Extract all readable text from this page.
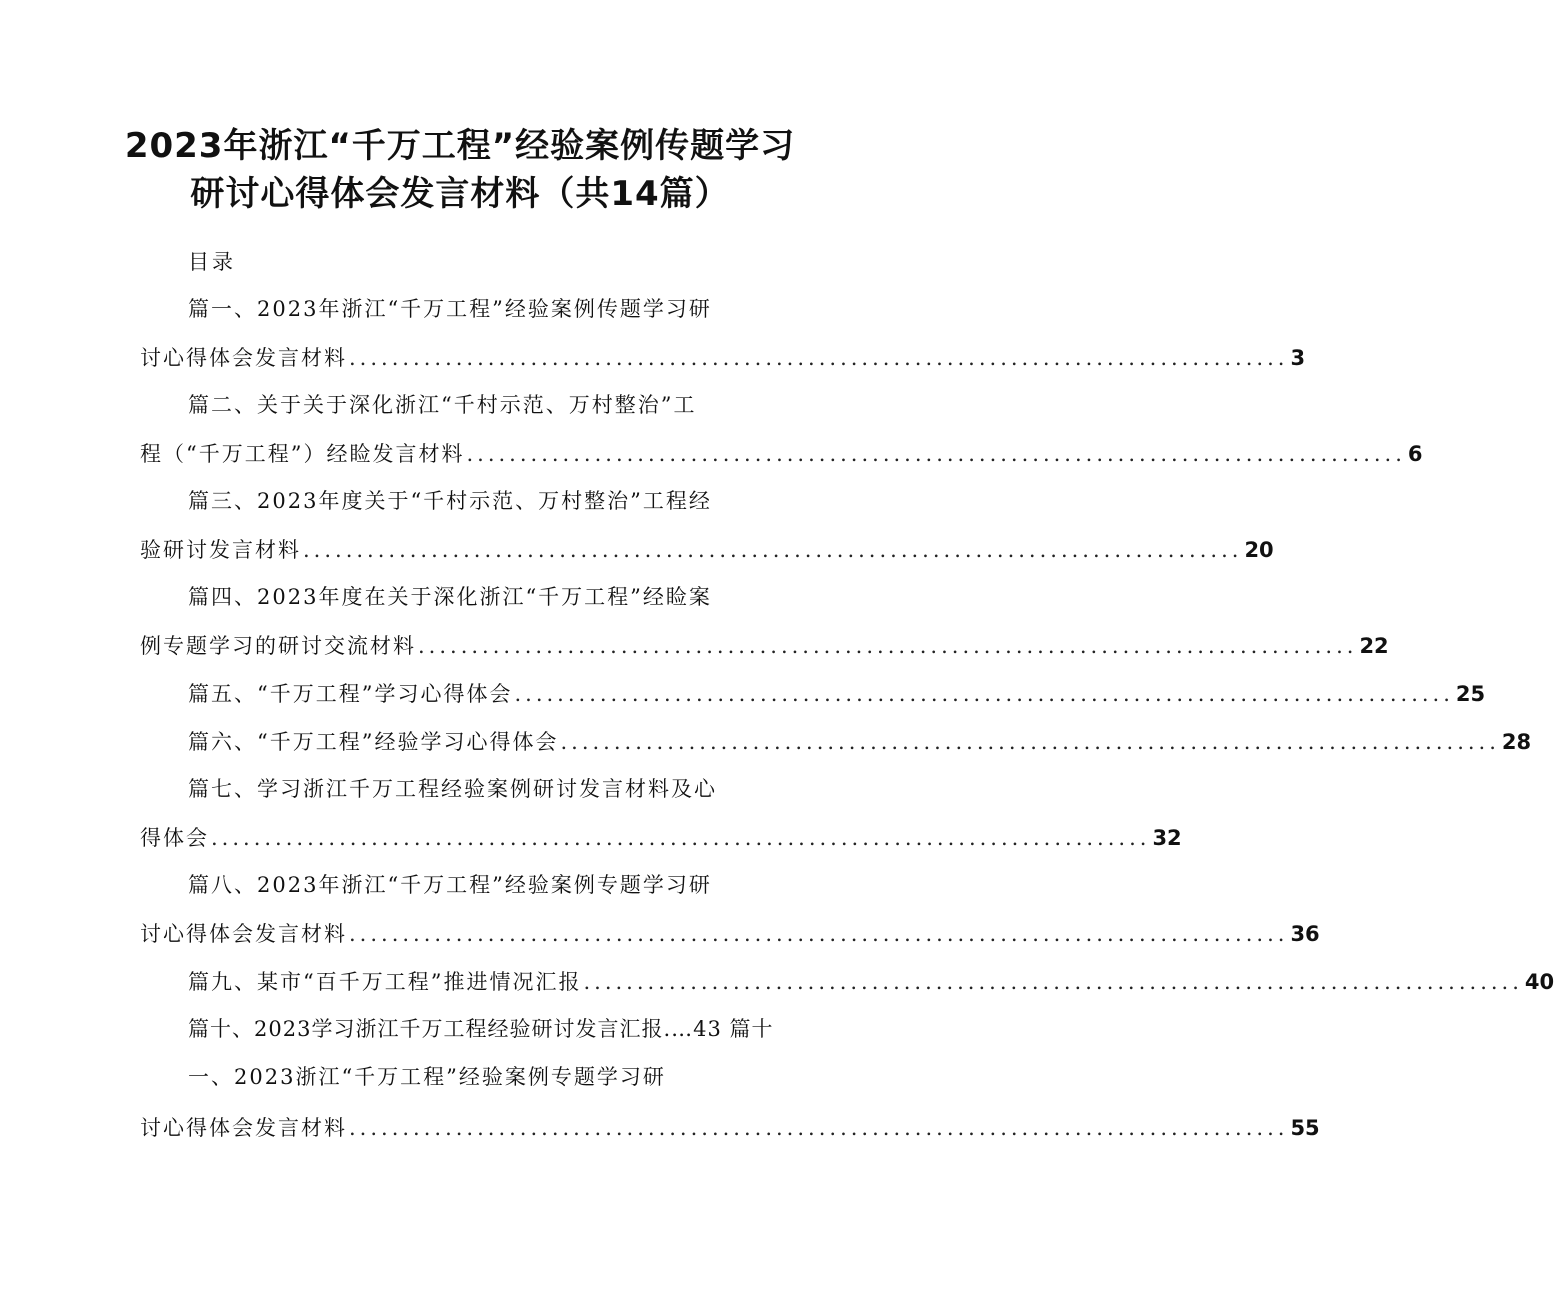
2023年浙江“千万工程”经验案例传题学习
研讨心得体会发言材料（共14篇）
目录
篇一、2023年浙江“千万工程”经验案例传题学习研
讨心得体会发言材料 ........................................................................................ 3
篇二、关于关于深化浙江“千村示范、万村整治”工
程（“千万工程”）经睑发言材料 ........................................................................................ 6
篇三、2023年度关于“千村示范、万村整治”工程经
验研讨发言材料 ........................................................................................ 20
篇四、2023年度在关于深化浙江“千万工程”经睑案
例专题学习的研讨交流材料 ........................................................................................ 22
篇五、“千万工程”学习心得体会 ........................................................................................ 25
篇六、“千万工程”经验学习心得体会 ........................................................................................ 28
篇七、学习浙江千万工程经验案例研讨发言材料及心
得体会 ........................................................................................ 32
篇八、2023年浙江“千万工程”经验案例专题学习研
讨心得体会发言材料 ........................................................................................ 36
篇九、某市“百千万工程”推进情况汇报 ........................................................................................ 40
篇十、2023学习浙江千万工程经验研讨发言汇报.…43 篇十
一、2023浙江“千万工程”经验案例专题学习研
讨心得体会发言材料 ........................................................................................ 55
